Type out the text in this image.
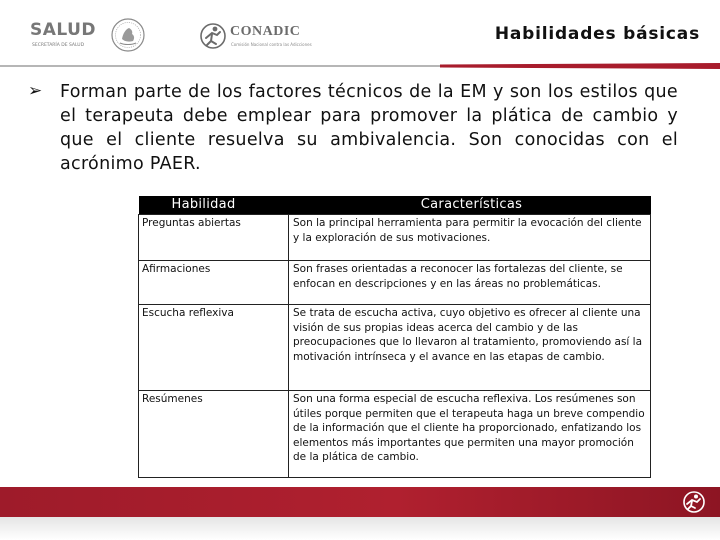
SALUD
SECRETARÍA DE SALUD
CONADIC
Comisión Nacional contra las Adicciones
Habilidades básicas
➢ Forman parte de los factores técnicos de la EM y son los estilos que el terapeuta debe emplear para promover la plática de cambio y que el cliente resuelva su ambivalencia. Son conocidas con el acrónimo PAER.

Habilidad	Características
Preguntas abiertas	Son la principal herramienta para permitir la evocación del cliente y la exploración de sus motivaciones.
Afirmaciones	Son frases orientadas a reconocer las fortalezas del cliente, se enfocan en descripciones y en las áreas no problemáticas.
Escucha reflexiva	Se trata de escucha activa, cuyo objetivo es ofrecer al cliente una visión de sus propias ideas acerca del cambio y de las preocupaciones que lo llevaron al tratamiento, promoviendo así la motivación intrínseca y el avance en las etapas de cambio.
Resúmenes	Son una forma especial de escucha reflexiva. Los resúmenes son útiles porque permiten que el terapeuta haga un breve compendio de la información que el cliente ha proporcionado, enfatizando los elementos más importantes que permiten una mayor promoción de la plática de cambio.
